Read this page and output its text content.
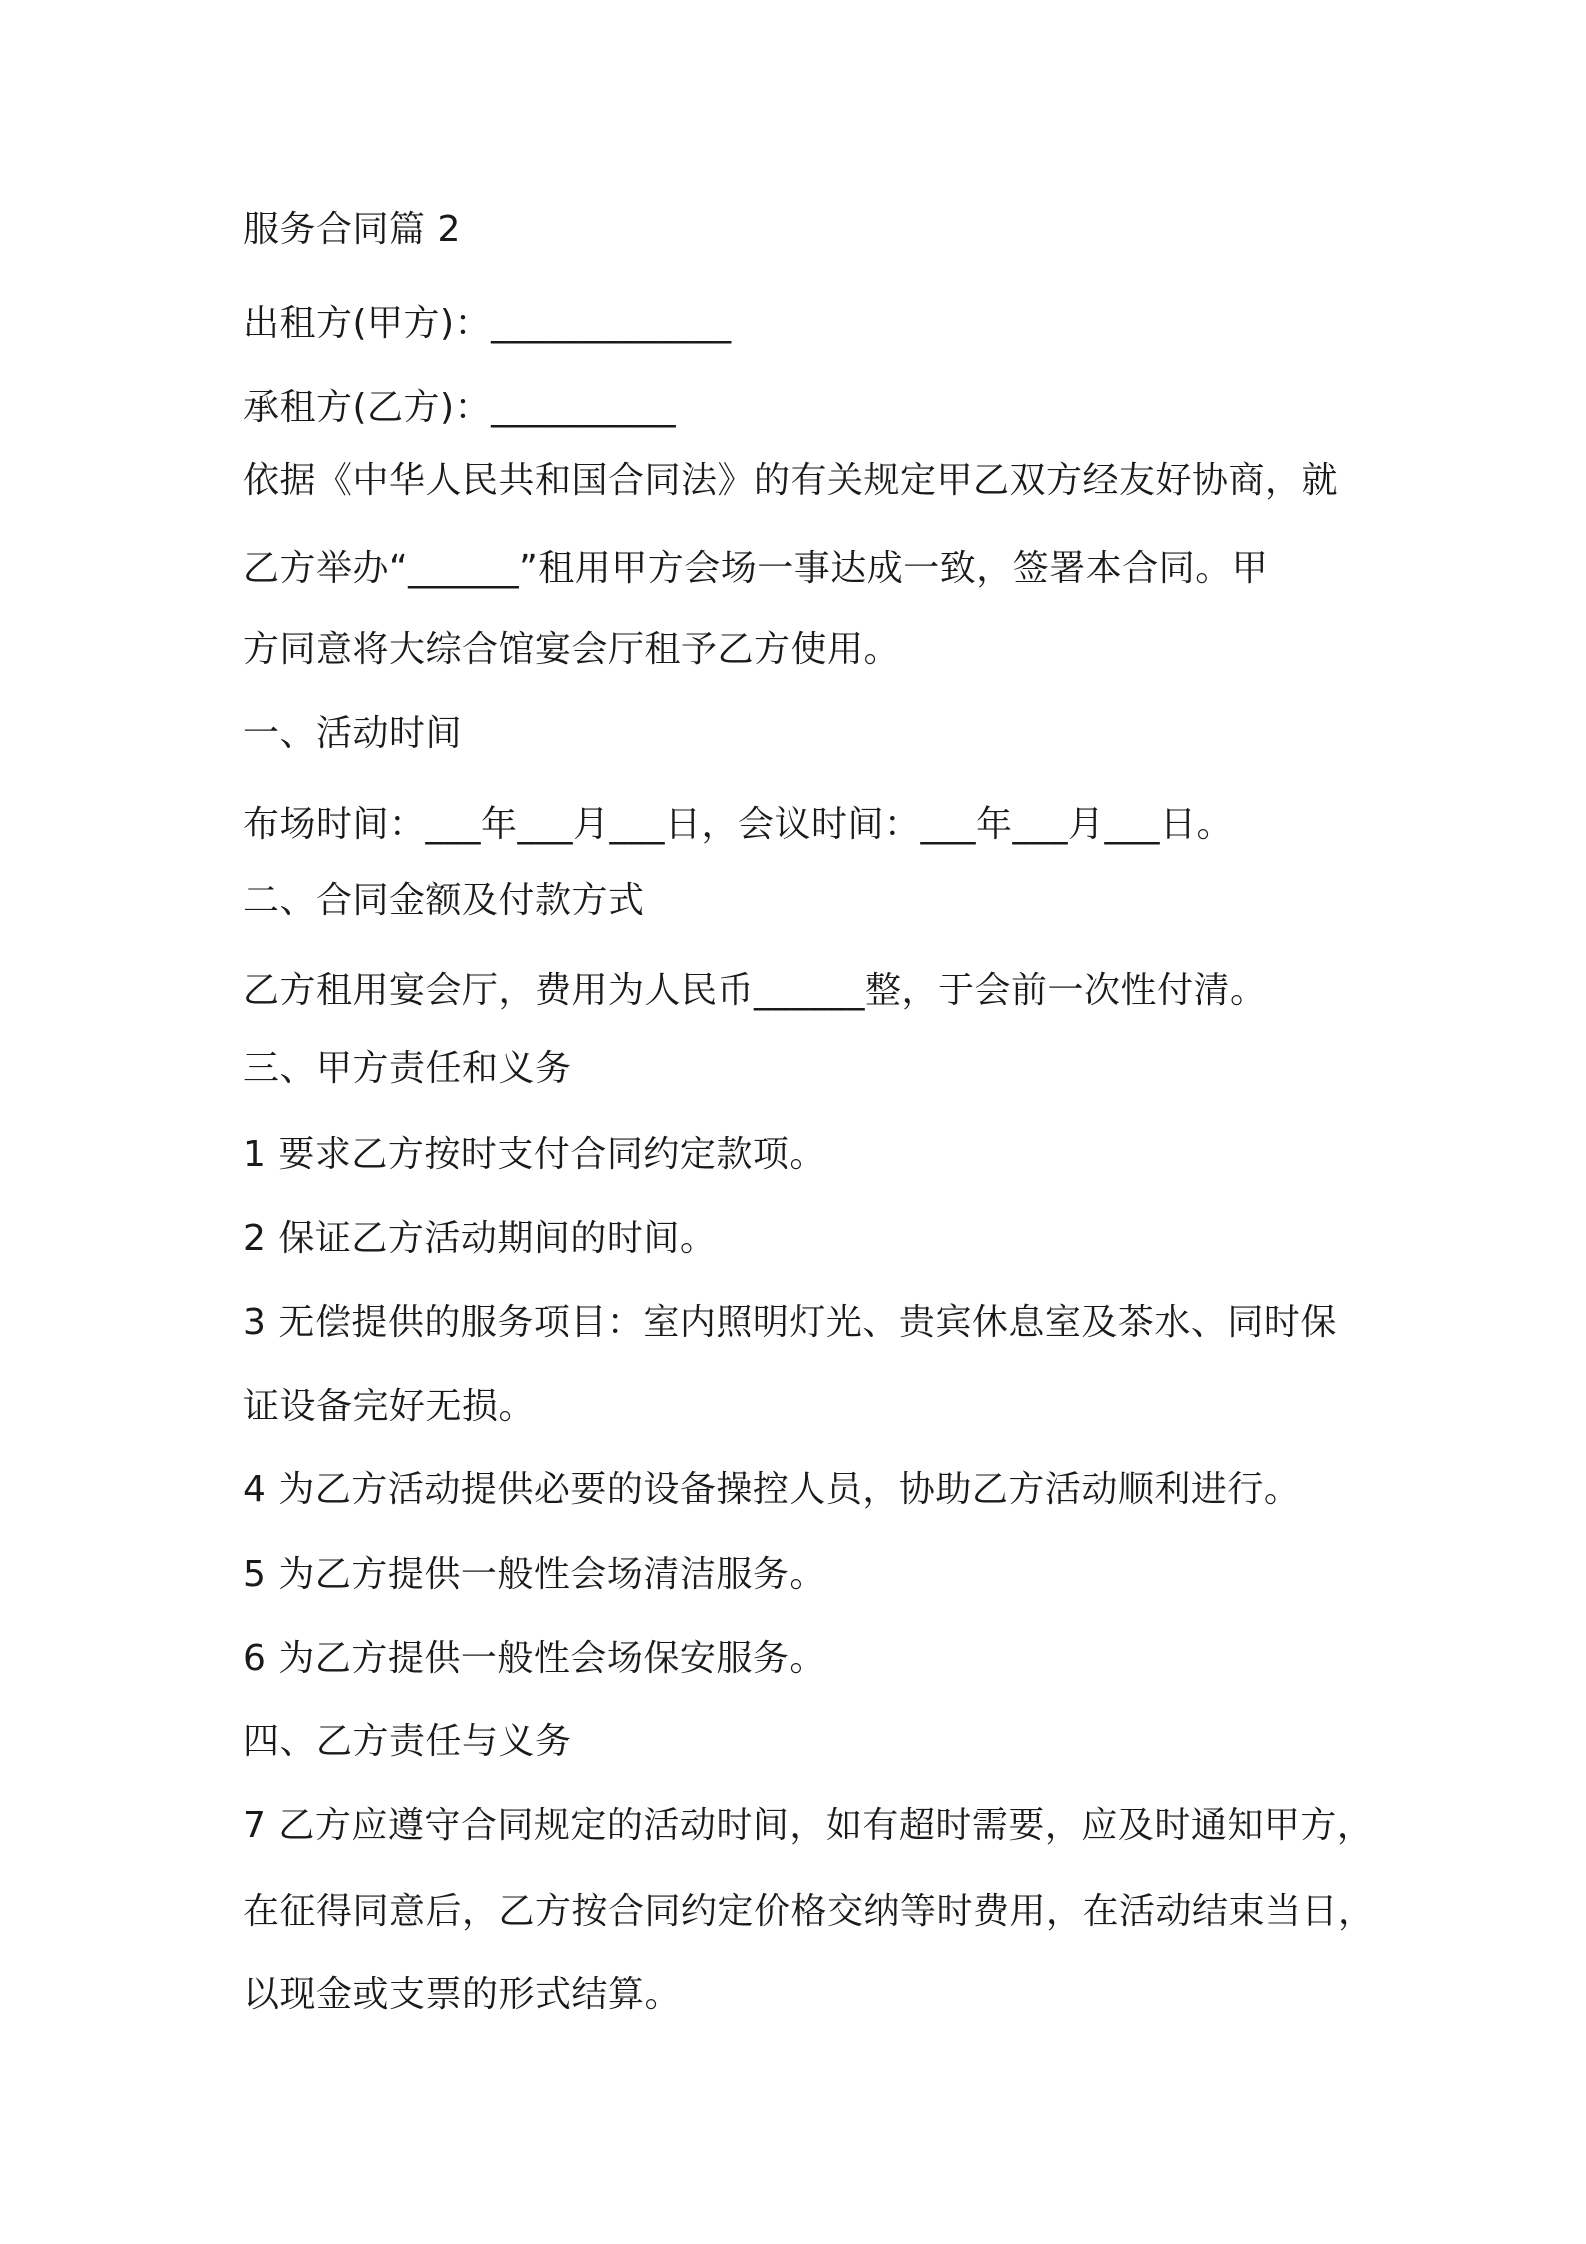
服务合同篇 2
出租方(甲方)：_____________
承租方(乙方)：__________
依据《中华人民共和国合同法》的有关规定甲乙双方经友好协商，就
乙方举办“______”租用甲方会场一事达成一致，签署本合同。甲
方同意将大综合馆宴会厅租予乙方使用。
一、活动时间
布场时间：___年___月___日，会议时间：___年___月___日。
二、合同金额及付款方式
乙方租用宴会厅，费用为人民币______整，于会前一次性付清。
三、甲方责任和义务
1 要求乙方按时支付合同约定款项。
2 保证乙方活动期间的时间。
3 无偿提供的服务项目：室内照明灯光、贵宾休息室及茶水、同时保
证设备完好无损。
4 为乙方活动提供必要的设备操控人员，协助乙方活动顺利进行。
5 为乙方提供一般性会场清洁服务。
6 为乙方提供一般性会场保安服务。
四、乙方责任与义务
7 乙方应遵守合同规定的活动时间，如有超时需要，应及时通知甲方，
在征得同意后，乙方按合同约定价格交纳等时费用，在活动结束当日，
以现金或支票的形式结算。
